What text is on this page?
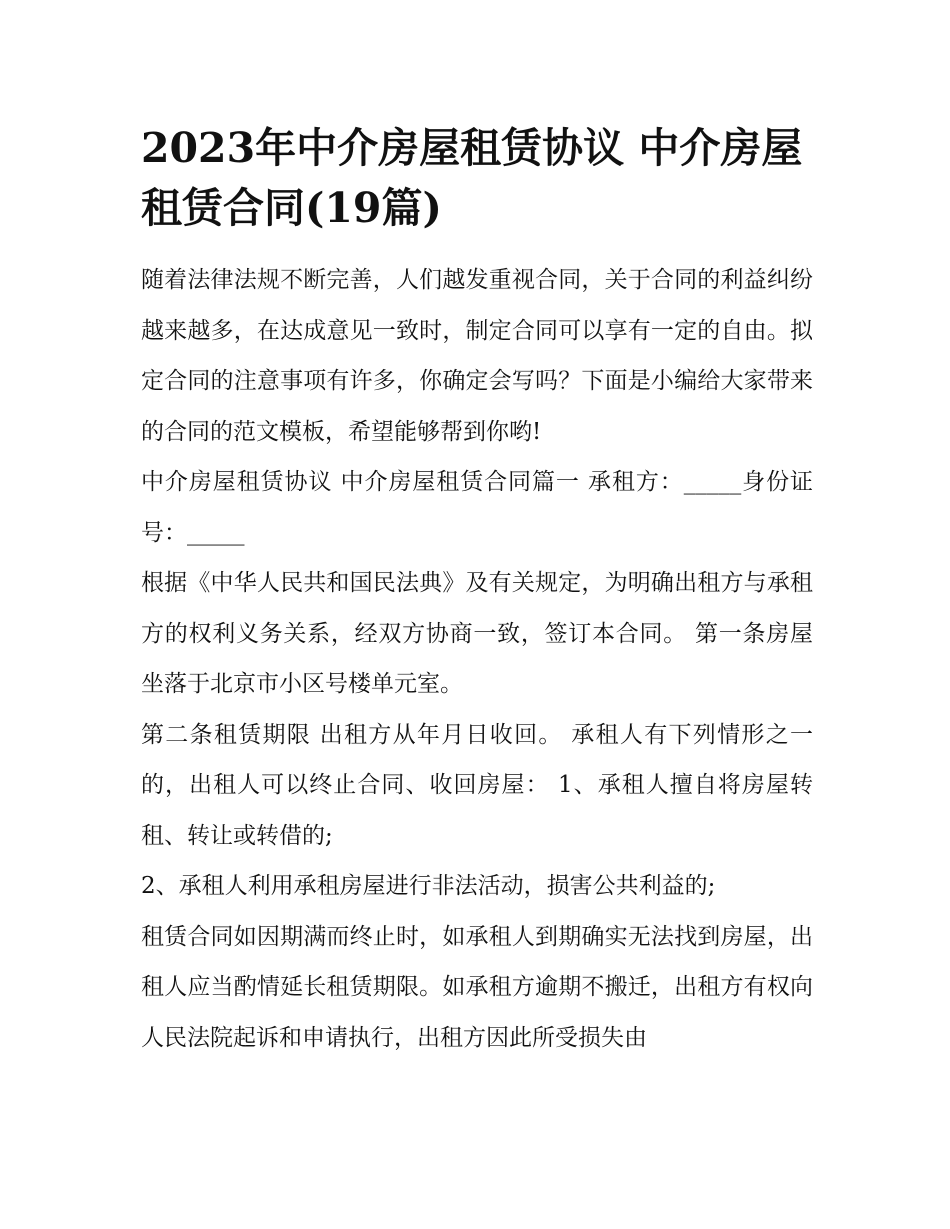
2023年中介房屋租赁协议 中介房屋租赁合同(19篇)

随着法律法规不断完善，人们越发重视合同，关于合同的利益纠纷越来越多，在达成意见一致时，制定合同可以享有一定的自由。拟定合同的注意事项有许多，你确定会写吗？下面是小编给大家带来的合同的范文模板，希望能够帮到你哟!

中介房屋租赁协议 中介房屋租赁合同篇一 承租方：_____身份证号：_____

根据《中华人民共和国民法典》及有关规定，为明确出租方与承租方的权利义务关系，经双方协商一致，签订本合同。 第一条房屋坐落于北京市小区号楼单元室。

第二条租赁期限 出租方从年月日收回。 承租人有下列情形之一的，出租人可以终止合同、收回房屋： 1、承租人擅自将房屋转租、转让或转借的;

2、承租人利用承租房屋进行非法活动，损害公共利益的;

租赁合同如因期满而终止时，如承租人到期确实无法找到房屋，出租人应当酌情延长租赁期限。如承租方逾期不搬迁，出租方有权向人民法院起诉和申请执行，出租方因此所受损失由
